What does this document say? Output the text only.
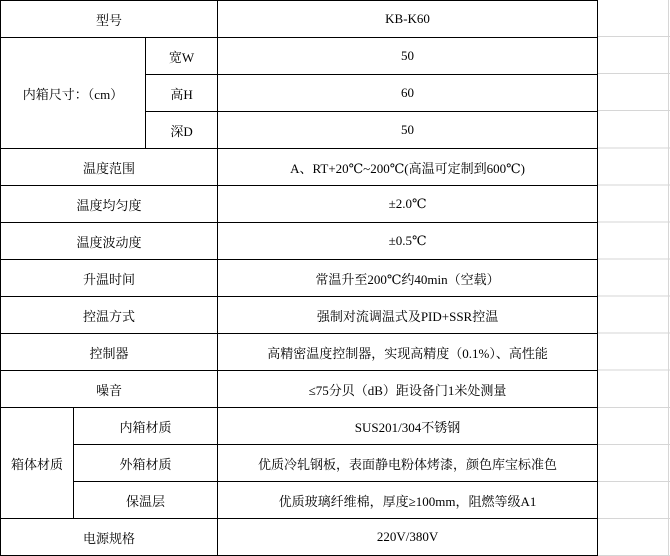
型号			KB-K60
内箱尺寸：（cm）		宽W	50
		高H	60
		深D	50
温度范围			A、RT+20℃~200℃(高温可定制到600℃)
温度均匀度			±2.0℃
温度波动度			±0.5℃
升温时间			常温升至200℃约40min（空载）
控温方式			强制对流调温式及PID+SSR控温
控制器			高精密温度控制器，实现高精度（0.1%）、高性能
噪音			≤75分贝（dB）距设备门1米处测量
箱体材质	内箱材质		SUS201/304不锈钢
	外箱材质		优质冷轧钢板，表面静电粉体烤漆，颜色库宝标准色
	保温层		优质玻璃纤维棉，厚度≥100mm，阻燃等级A1
电源规格			220V/380V
